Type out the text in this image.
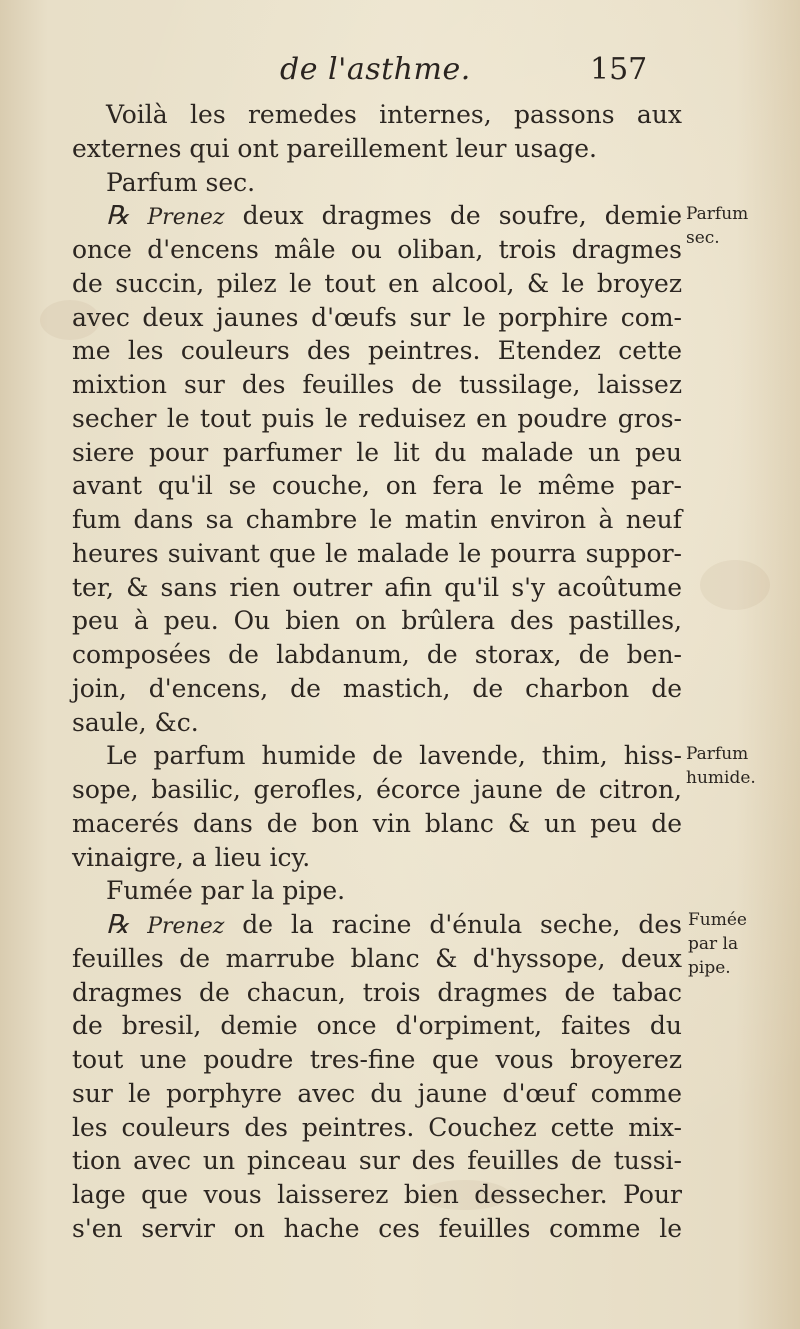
de l'asthme.	157
Voilà les remedes internes, passons aux
externes qui ont pareillement leur usage.
Parfum sec.
℞ Prenez deux dragmes de soufre, demie
once d'encens mâle ou oliban, trois dragmes
de succin, pilez le tout en alcool, & le broyez
avec deux jaunes d'œufs sur le porphire com-
me les couleurs des peintres. Etendez cette
mixtion sur des feuilles de tussilage, laissez
secher le tout puis le reduisez en poudre gros-
siere pour parfumer le lit du malade un peu
avant qu'il se couche, on fera le même par-
fum dans sa chambre le matin environ à neuf
heures suivant que le malade le pourra suppor-
ter, & sans rien outrer afin qu'il s'y acoûtume
peu à peu. Ou bien on brûlera des pastilles,
composées de labdanum, de storax, de ben-
join, d'encens, de mastich, de charbon de
saule, &c.
Le parfum humide de lavende, thim, hiss-
sope, basilic, gerofles, écorce jaune de citron,
macerés dans de bon vin blanc & un peu de
vinaigre, a lieu icy.
Fumée par la pipe.
℞ Prenez de la racine d'énula seche, des
feuilles de marrube blanc & d'hyssope, deux
dragmes de chacun, trois dragmes de tabac
de bresil, demie once d'orpiment, faites du
tout une poudre tres-fine que vous broyerez
sur le porphyre avec du jaune d'œuf comme
les couleurs des peintres. Couchez cette mix-
tion avec un pinceau sur des feuilles de tussi-
lage que vous laisserez bien dessecher. Pour
s'en servir on hache ces feuilles comme le
Parfum
sec.
Parfum
humide.
Fumée
par la
pipe.
